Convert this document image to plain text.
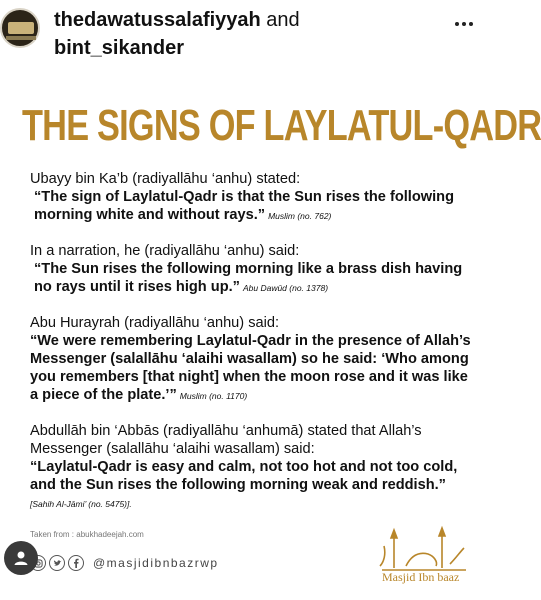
thedawatussalafiyyah and
bint_sikander
THE SIGNS OF LAYLATUL-QADR
Ubayy bin Ka’b (radiyallāhu ‘anhu) stated:
“The sign of Laylatul-Qadr is that the Sun rises the following morning white and without rays.” Muslim (no. 762)
In a narration, he (radiyallāhu ‘anhu) said:
“The Sun rises the following morning like a brass dish having no rays until it rises high up.” Abu Dawūd (no. 1378)
Abu Hurayrah (radiyallāhu ‘anhu) said:
“We were remembering Laylatul-Qadr in the presence of Allah’s Messenger (salallāhu ‘alaihi wasallam) so he said: ‘Who among you remembers [that night] when the moon rose and it was like a piece of the plate.’” Muslim (no. 1170)
Abdullāh bin ‘Abbās (radiyallāhu ‘anhumā) stated that Allah’s Messenger (salallāhu ‘alaihi wasallam) said:
“Laylatul-Qadr is easy and calm, not too hot and not too cold, and the Sun rises the following morning weak and reddish.”
[Sahih Al-Jāmi’ (no. 5475)].
Taken from : abukhadeejah.com
@masjidibnbazrwp
Masjid Ibn baaz
